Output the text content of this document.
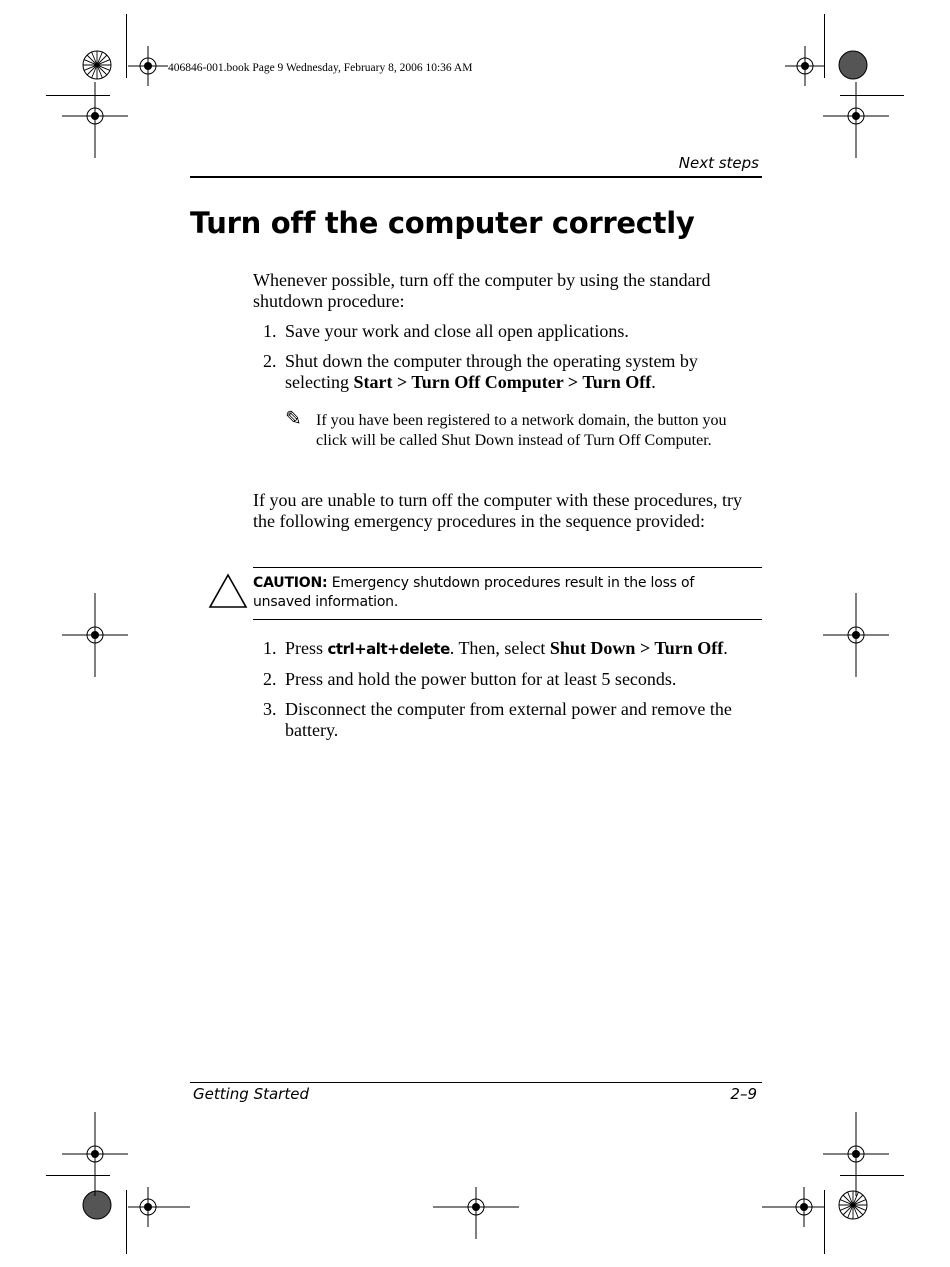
406846-001.book Page 9 Wednesday, February 8, 2006 10:36 AM
Next steps
Turn off the computer correctly
Whenever possible, turn off the computer by using the standard shutdown procedure:
1. Save your work and close all open applications.
2. Shut down the computer through the operating system by selecting Start > Turn Off Computer > Turn Off.
✎ If you have been registered to a network domain, the button you click will be called Shut Down instead of Turn Off Computer.
If you are unable to turn off the computer with these procedures, try the following emergency procedures in the sequence provided:
CAUTION: Emergency shutdown procedures result in the loss of unsaved information.
1. Press ctrl+alt+delete. Then, select Shut Down > Turn Off.
2. Press and hold the power button for at least 5 seconds.
3. Disconnect the computer from external power and remove the battery.
Getting Started	2–9
